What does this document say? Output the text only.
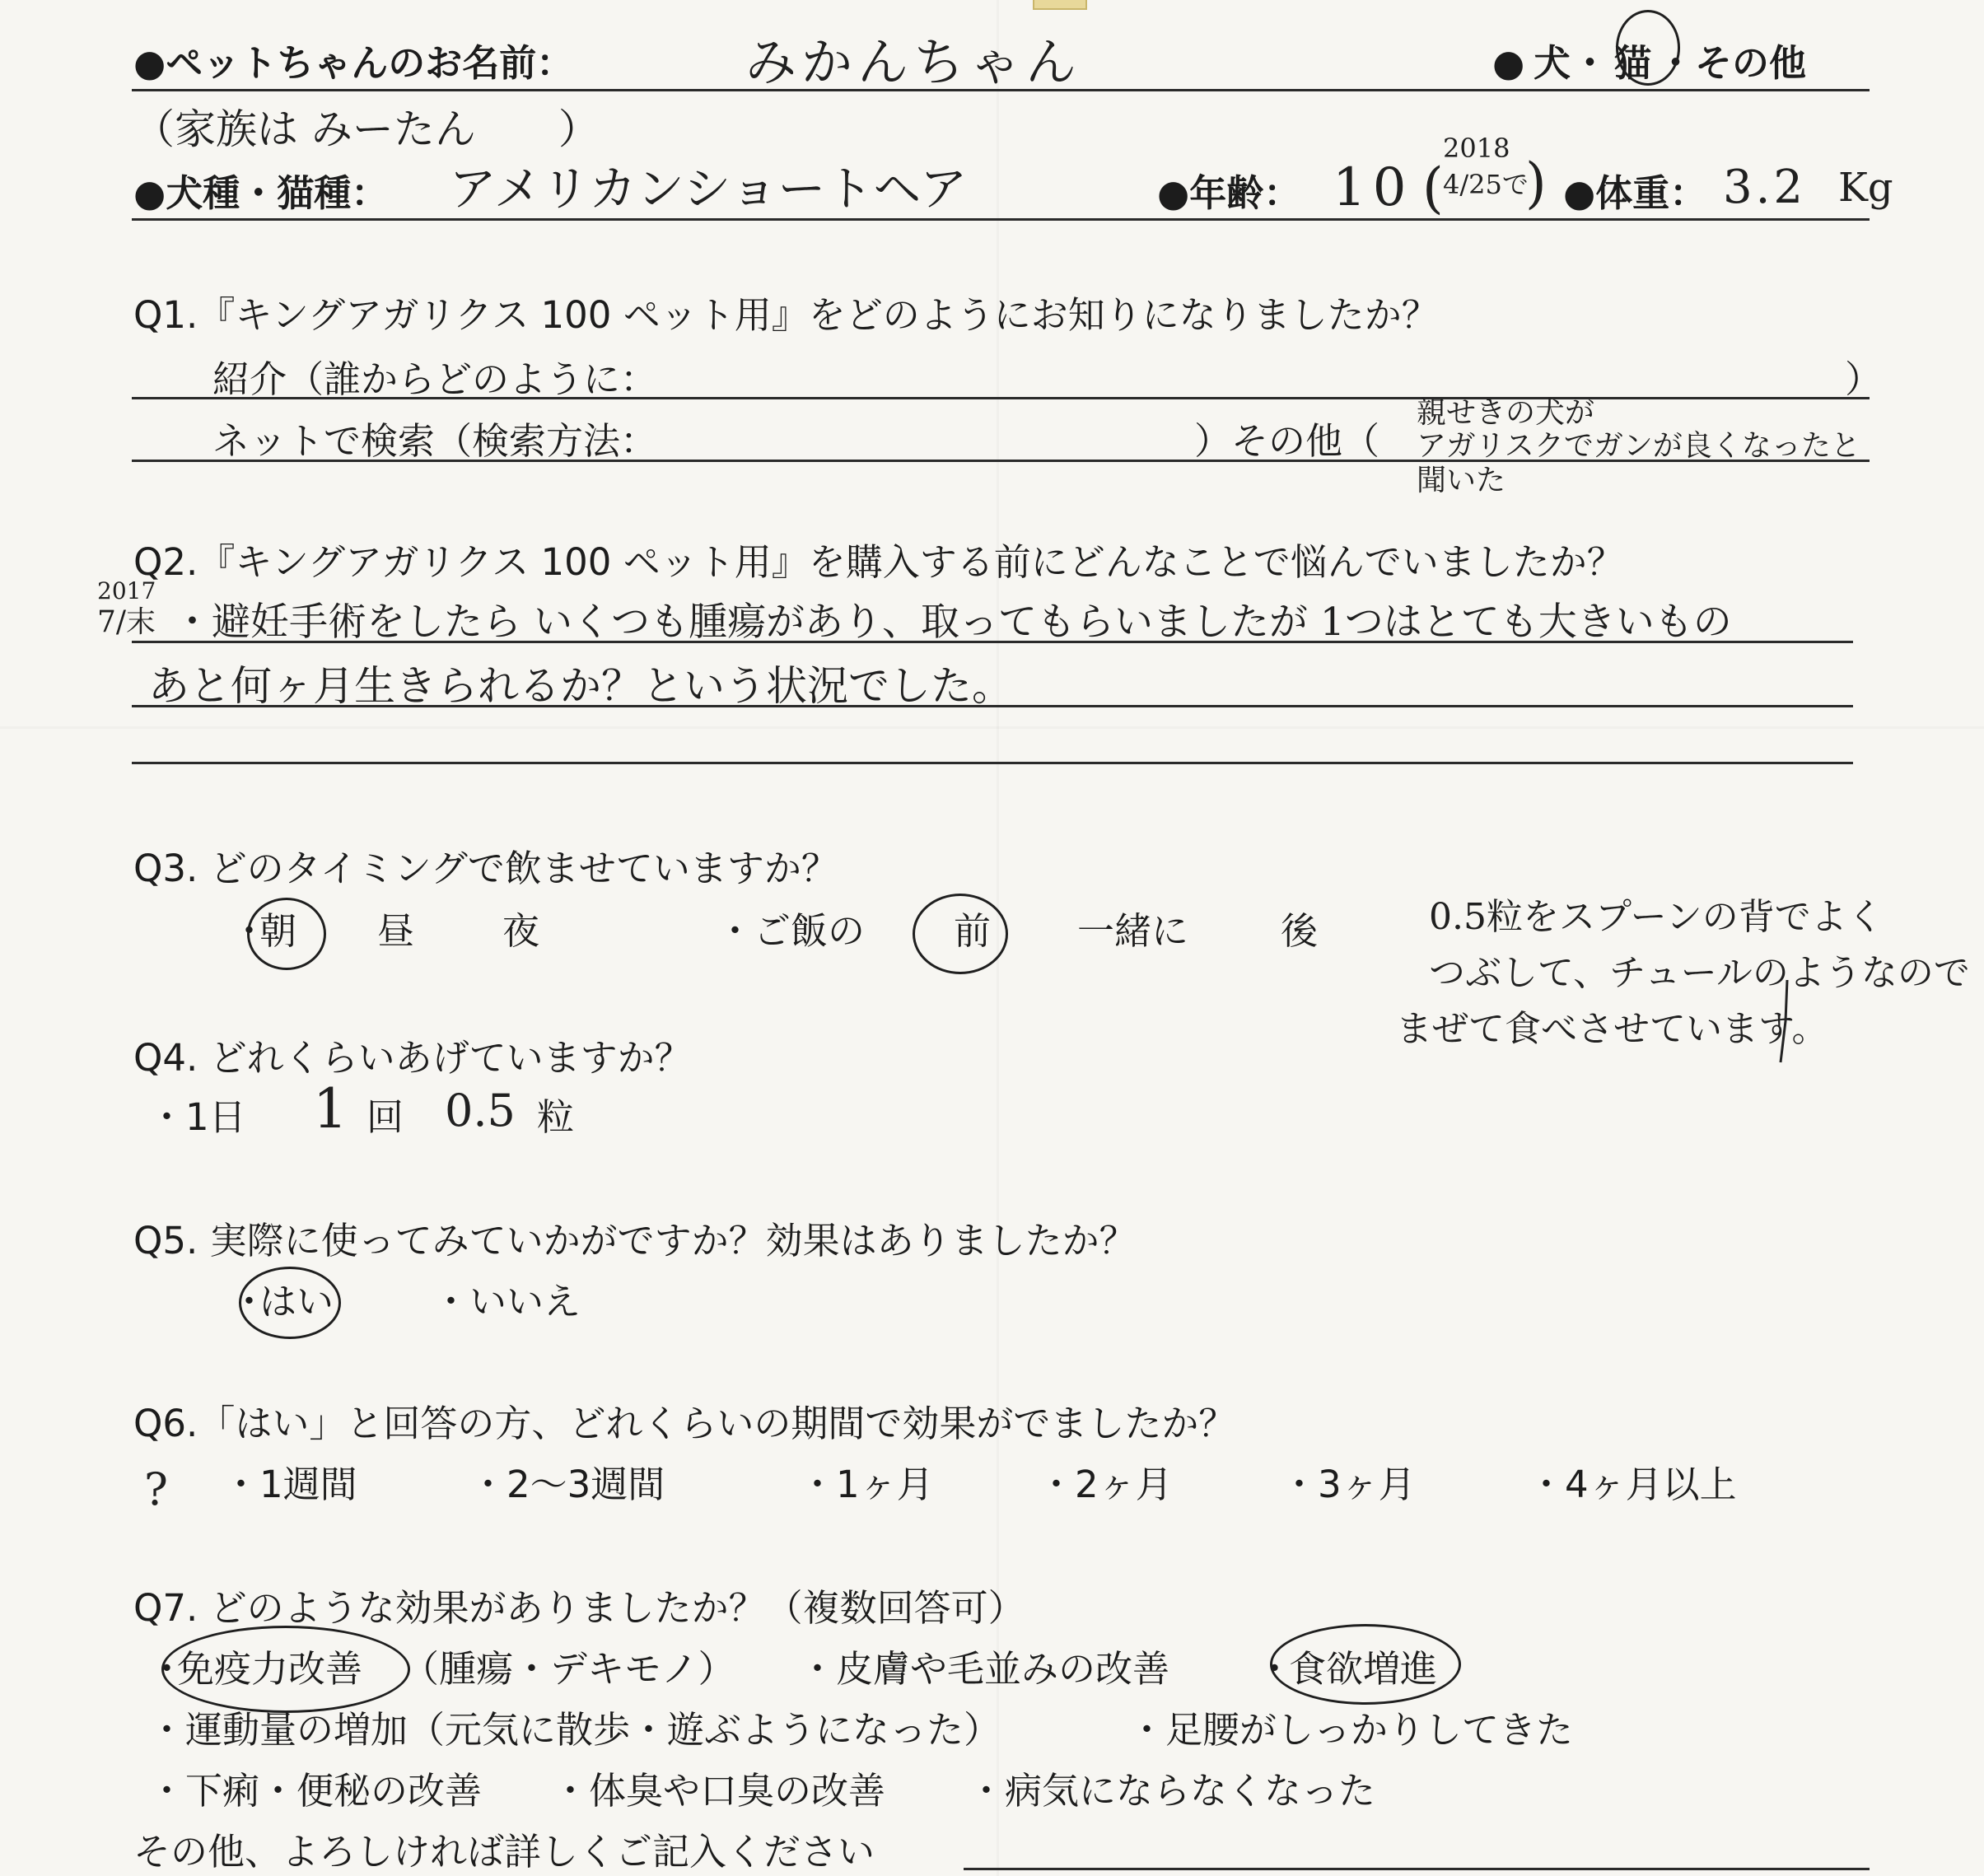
●ペットちゃんのお名前：	みかんちゃん	● 犬 ・ 猫 ・ その他
（家族は みーたん　　）
●犬種・猫種： アメリカンショートヘア	●年齢： 10 (
2018
4/25で
) ●体重： 3.2 Kg
Q1.『キングアガリクス 100 ペット用』をどのようにお知りになりましたか？
紹介（誰からどのように：	）
ネットで検索（検索方法：	）その他（
親せきの犬が
アガリスクでガンが良くなったと
聞いた
Q2.『キングアガリクス 100 ペット用』を購入する前にどんなことで悩んでいましたか？
2017
7/末 ・避妊手術をしたら いくつも腫瘍があり、取ってもらいましたが 1つはとても大きいもの
あと何ヶ月生きられるか？という状況でした。
Q3. どのタイミングで飲ませていますか？
・
朝 昼 夜	・ご飯の 前 一緒に 後	0.5粒をスプーンの背でよく
つぶして、チュールのようなので
まぜて食べさせています。
Q4. どれくらいあげていますか？
・1日 1 回 0.5 粒
Q5. 実際に使ってみていかがですか？効果はありましたか？
・
はい	・いいえ
Q6.「はい」と回答の方、どれくらいの期間で効果がでましたか？
? ・1週間	・2～3週間	・1ヶ月	・2ヶ月	・3ヶ月	・4ヶ月以上
Q7. どのような効果がありましたか？（複数回答可）
・
免疫力改善 （腫瘍・デキモノ） ・皮膚や毛並みの改善 ・
食欲増進
・運動量の増加（元気に散歩・遊ぶようになった）	・足腰がしっかりしてきた
・下痢・便秘の改善 ・体臭や口臭の改善 ・病気にならなくなった
その他、よろしければ詳しくご記入ください
